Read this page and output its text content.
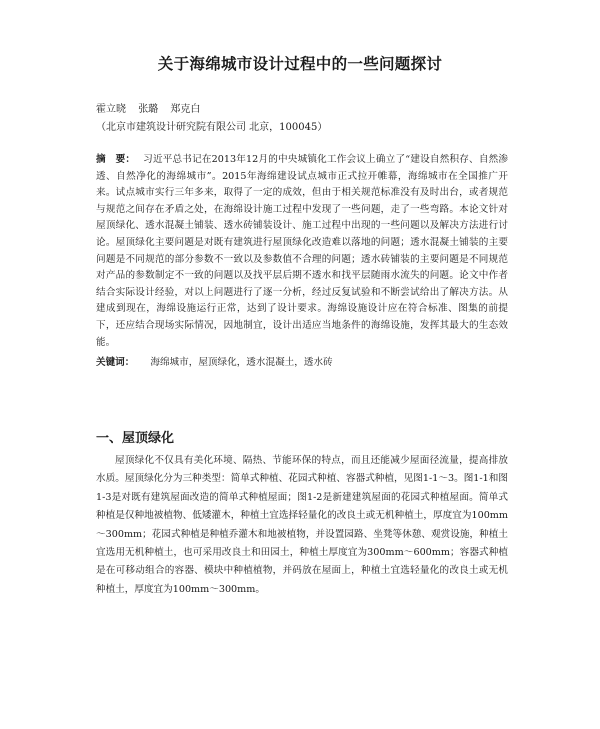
关于海绵城市设计过程中的一些问题探讨
霍立晓 张璐 郑克白
（北京市建筑设计研究院有限公司 北京，100045）
摘　要： 习近平总书记在2013年12月的中央城镇化工作会议上确立了“建设自然积存、自然渗透、自然净化的海绵城市”。2015年海绵建设试点城市正式拉开帷幕，海绵城市在全国推广开来。试点城市实行三年多来，取得了一定的成效，但由于相关规范标准没有及时出台，或者规范与规范之间存在矛盾之处，在海绵设计施工过程中发现了一些问题，走了一些弯路。本论文针对屋顶绿化、透水混凝土铺装、透水砖铺装设计、施工过程中出现的一些问题以及解决方法进行讨论。屋顶绿化主要问题是对既有建筑进行屋顶绿化改造难以落地的问题；透水混凝土铺装的主要问题是不同规范的部分参数不一致以及参数值不合理的问题；透水砖铺装的主要问题是不同规范对产品的参数制定不一致的问题以及找平层后期不透水和找平层随雨水流失的问题。论文中作者结合实际设计经验，对以上问题进行了逐一分析，经过反复试验和不断尝试给出了解决方法。从建成到现在，海绵设施运行正常，达到了设计要求。海绵设施设计应在符合标准、图集的前提下，还应结合现场实际情况，因地制宜，设计出适应当地条件的海绵设施，发挥其最大的生态效能。
关键词： 海绵城市，屋顶绿化，透水混凝土，透水砖
一、屋顶绿化

屋顶绿化不仅具有美化环境、隔热、节能环保的特点，而且还能减少屋面径流量，提高排放水质。屋顶绿化分为三种类型：简单式种植、花园式种植、容器式种植，见图1-1～3。图1-1和图1-3是对既有建筑屋面改造的简单式种植屋面；图1-2是新建建筑屋面的花园式种植屋面。简单式种植是仅种地被植物、低矮灌木，种植土宜选择轻量化的改良土或无机种植土，厚度宜为100mm～300mm；花园式种植是种植乔灌木和地被植物，并设置园路、坐凳等休憩、观赏设施，种植土宜选用无机种植土，也可采用改良土和田园土，种植土厚度宜为300mm～600mm；容器式种植是在可移动组合的容器、模块中种植植物，并码放在屋面上，种植土宜选轻量化的改良土或无机种植土，厚度宜为100mm～300mm。
